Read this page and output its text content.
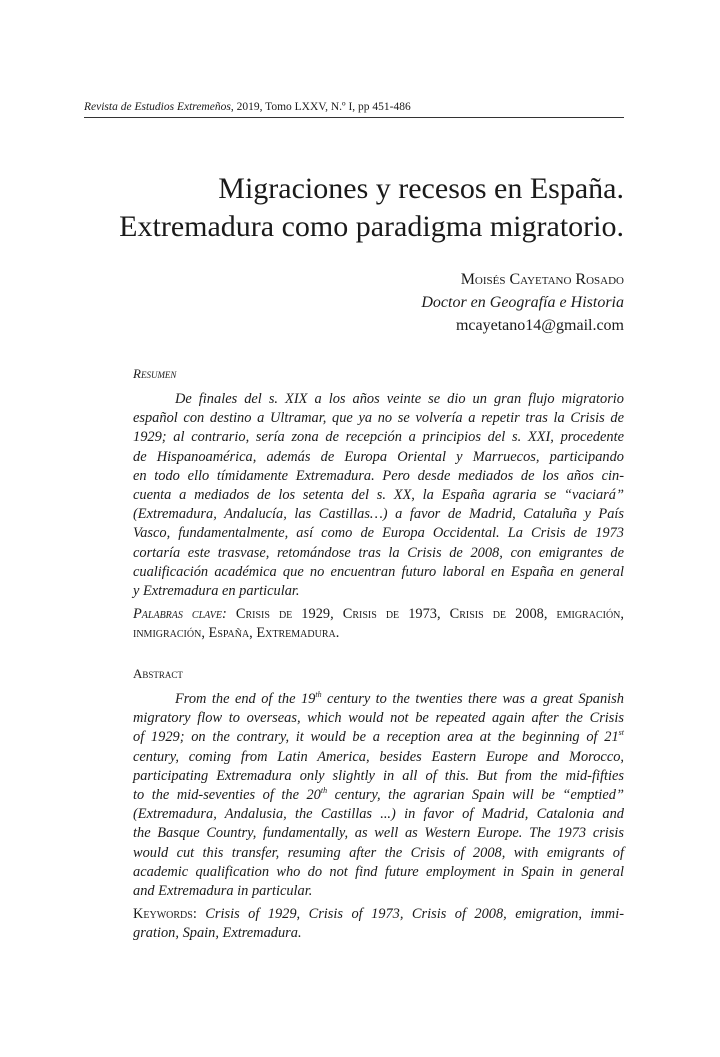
Revista de Estudios Extremeños, 2019, Tomo LXXV, N.º I, pp 451-486
Migraciones y recesos en España.
Extremadura como paradigma migratorio.
Moisés Cayetano Rosado
Doctor en Geografía e Historia
mcayetano14@gmail.com
Resumen
De finales del s. XIX a los años veinte se dio un gran flujo migratorio
español con destino a Ultramar, que ya no se volvería a repetir tras la Crisis de
1929; al contrario, sería zona de recepción a principios del s. XXI, procedente
de Hispanoamérica, además de Europa Oriental y Marruecos, participando
en todo ello tímidamente Extremadura. Pero desde mediados de los años cin-
cuenta a mediados de los setenta del s. XX, la España agraria se “vaciará”
(Extremadura, Andalucía, las Castillas…) a favor de Madrid, Cataluña y País
Vasco, fundamentalmente, así como de Europa Occidental. La Crisis de 1973
cortaría este trasvase, retomándose tras la Crisis de 2008, con emigrantes de
cualificación académica que no encuentran futuro laboral en España en general
y Extremadura en particular.
Palabras clave: Crisis de 1929, Crisis de 1973, Crisis de 2008, emigración,
inmigración, España, Extremadura.
Abstract
From the end of the 19th century to the twenties there was a great Spanish
migratory flow to overseas, which would not be repeated again after the Crisis
of 1929; on the contrary, it would be a reception area at the beginning of 21st
century, coming from Latin America, besides Eastern Europe and Morocco,
participating Extremadura only slightly in all of this. But from the mid-fifties
to the mid-seventies of the 20th century, the agrarian Spain will be “emptied”
(Extremadura, Andalusia, the Castillas ...) in favor of Madrid, Catalonia and
the Basque Country, fundamentally, as well as Western Europe. The 1973 crisis
would cut this transfer, resuming after the Crisis of 2008, with emigrants of
academic qualification who do not find future employment in Spain in general
and Extremadura in particular.
Keywords: Crisis of 1929, Crisis of 1973, Crisis of 2008, emigration, immi-
gration, Spain, Extremadura.
